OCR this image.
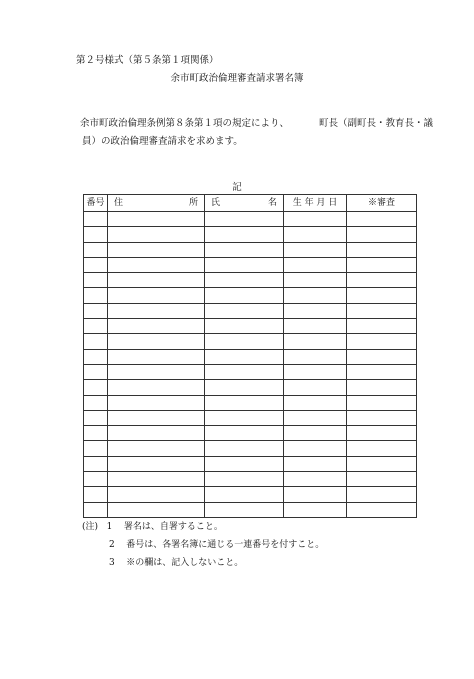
第２号様式（第５条第１項関係）
余市町政治倫理審査請求署名簿
余市町政治倫理条例第８条第１項の規定により、	町長（副町長・教育長・議
員）の政治倫理審査請求を求めます。
記
番号	住 所	氏 名	生 年 月 日	※審査

(注) 1 署名は、自署すること。
2 番号は、各署名簿に通じる一連番号を付すこと。
3 ※の欄は、記入しないこと。
